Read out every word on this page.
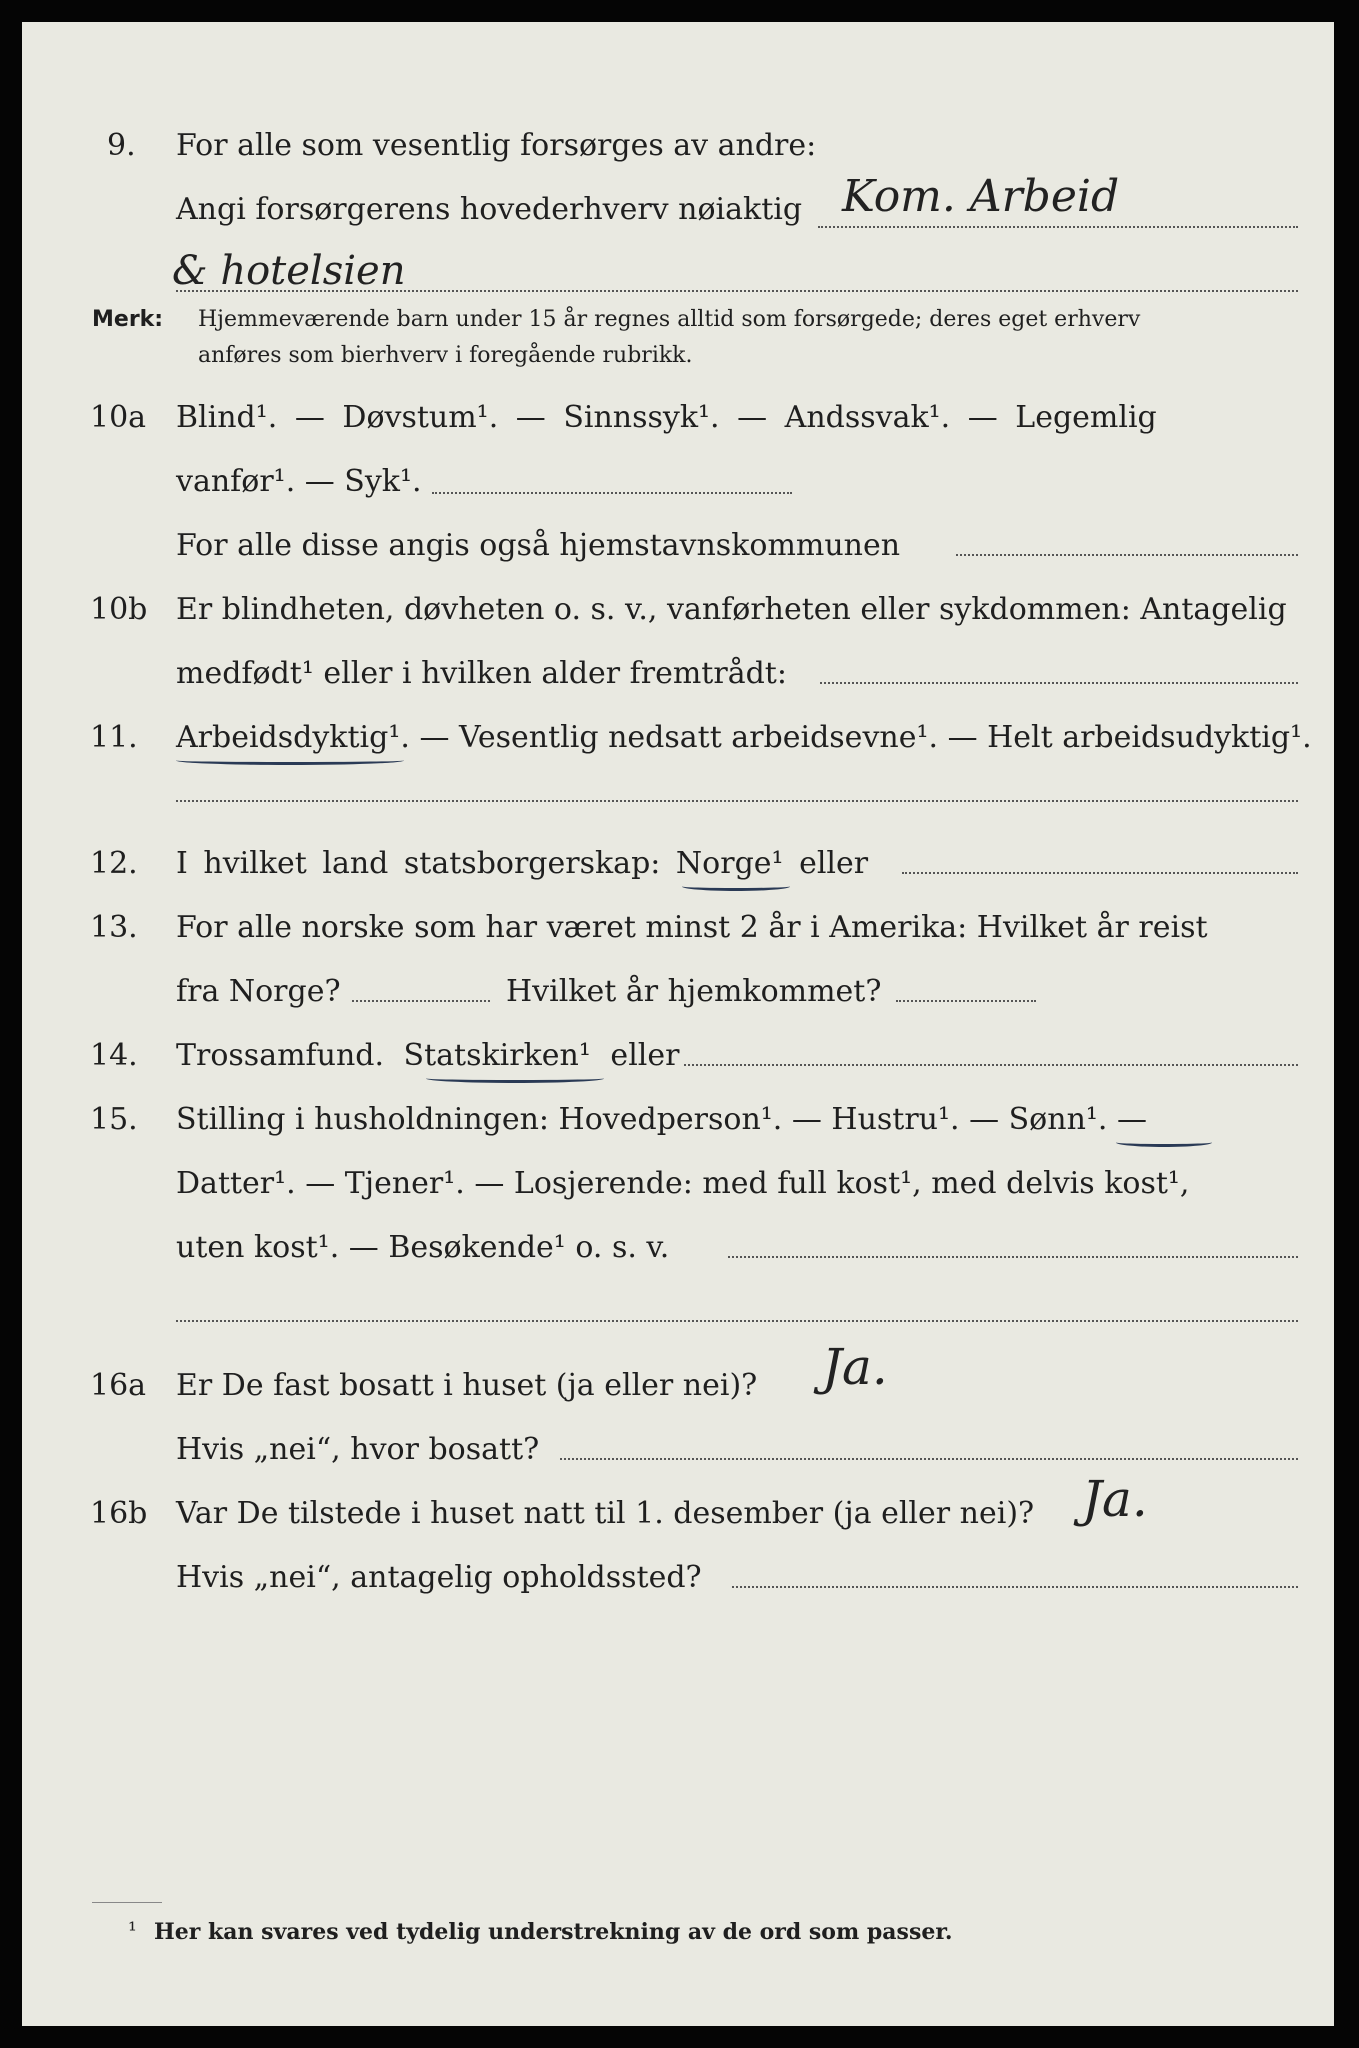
9. For alle som vesentlig forsørges av andre:
Angi forsørgerens hovederhverv nøiaktig Kom. Arbeid
& hotelsien
Merk: Hjemmeværende barn under 15 år regnes alltid som forsørgede; deres eget erhverv
anføres som bierhverv i foregående rubrikk.
10a Blind¹. — Døvstum¹. — Sinnssyk¹. — Andssvak¹. — Legemlig
vanfør¹. — Syk¹.
For alle disse angis også hjemstavnskommunen
10b Er blindheten, døvheten o. s. v., vanførheten eller sykdommen: Antagelig
medfødt¹ eller i hvilken alder fremtrådt:
11. Arbeidsdyktig¹. — Vesentlig nedsatt arbeidsevne¹. — Helt arbeidsudyktig¹.
12. I hvilket land statsborgerskap: Norge¹ eller
13. For alle norske som har været minst 2 år i Amerika: Hvilket år reist
fra Norge?	Hvilket år hjemkommet?
14. Trossamfund. Statskirken¹ eller
15. Stilling i husholdningen: Hovedperson¹. — Hustru¹. — Sønn¹. —
Datter¹. — Tjener¹. — Losjerende: med full kost¹, med delvis kost¹,
uten kost¹. — Besøkende¹ o. s. v.
16a Er De fast bosatt i huset (ja eller nei)? Ja.
Hvis „nei“, hvor bosatt?
16b Var De tilstede i huset natt til 1. desember (ja eller nei)? Ja.
Hvis „nei“, antagelig opholdssted?
¹ Her kan svares ved tydelig understrekning av de ord som passer.
